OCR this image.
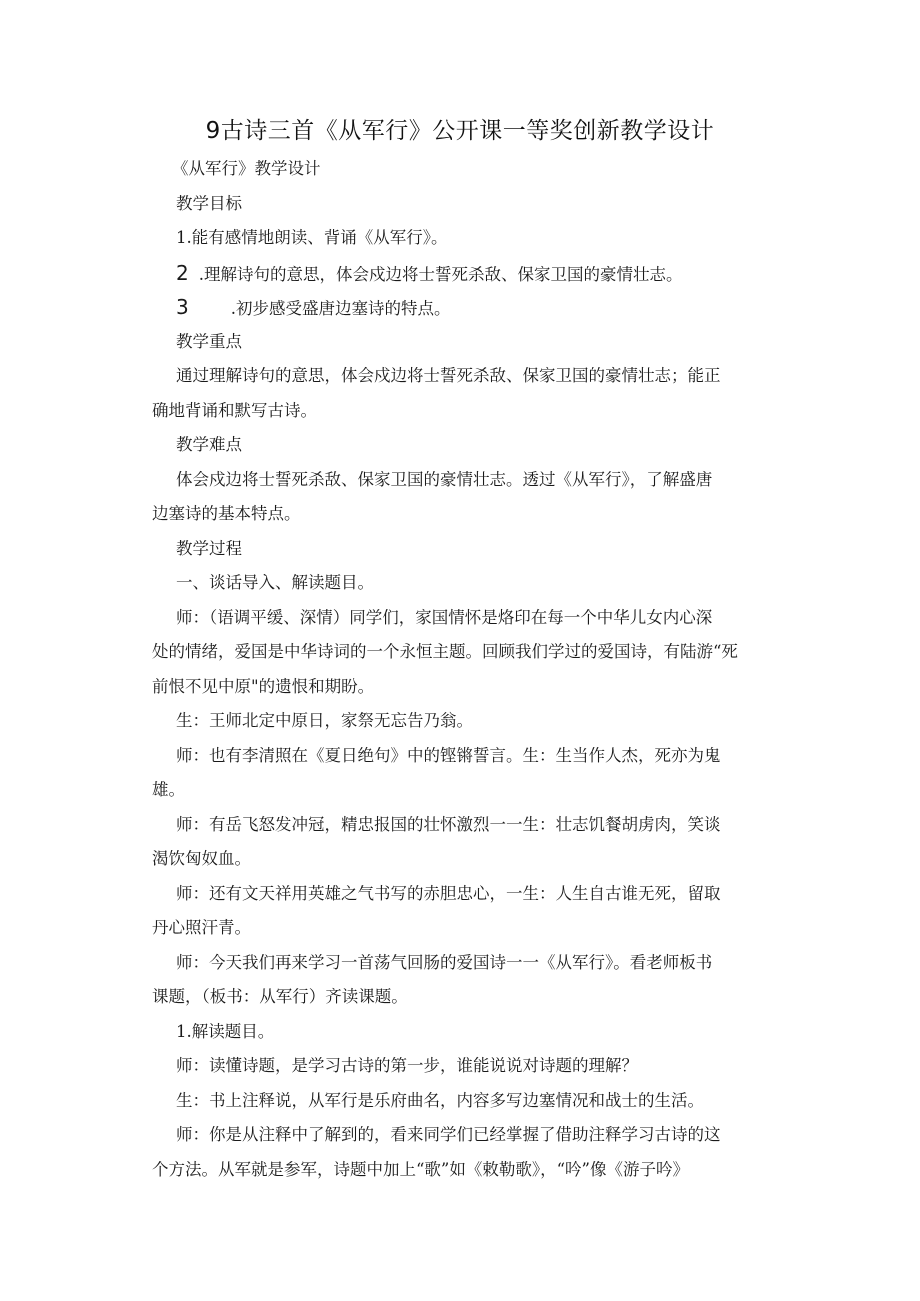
9古诗三首《从军行》公开课一等奖创新教学设计
《从军行》教学设计
教学目标
1.能有感情地朗读、背诵《从军行》。
2 .理解诗句的意思，体会戍边将士誓死杀敌、保家卫国的豪情壮志。
3	.初步感受盛唐边塞诗的特点。
教学重点
通过理解诗句的意思，体会戍边将士誓死杀敌、保家卫国的豪情壮志；能正
确地背诵和默写古诗。
教学难点
体会戍边将士誓死杀敌、保家卫国的豪情壮志。透过《从军行》，了解盛唐
边塞诗的基本特点。
教学过程
一、谈话导入、解读题目。
师：（语调平缓、深情）同学们，家国情怀是烙印在每一个中华儿女内心深
处的情绪，爱国是中华诗词的一个永恒主题。回顾我们学过的爱国诗，有陆游“死
前恨不见中原"的遗恨和期盼。
生：王师北定中原日，家祭无忘告乃翁。
师：也有李清照在《夏日绝句》中的铿锵誓言。生：生当作人杰，死亦为鬼
雄。
师：有岳飞怒发冲冠，精忠报国的壮怀激烈一一生：壮志饥餐胡虏肉，笑谈
渴饮匈奴血。
师：还有文天祥用英雄之气书写的赤胆忠心，一生：人生自古谁无死，留取
丹心照汗青。
师：今天我们再来学习一首荡气回肠的爱国诗一一《从军行》。看老师板书
课题，（板书：从军行）齐读课题。
1.解读题目。
师：读懂诗题，是学习古诗的第一步，谁能说说对诗题的理解？
生：书上注释说，从军行是乐府曲名，内容多写边塞情况和战士的生活。
师：你是从注释中了解到的，看来同学们已经掌握了借助注释学习古诗的这
个方法。从军就是参军，诗题中加上“歌”如《敕勒歌》，“吟”像《游子吟》
